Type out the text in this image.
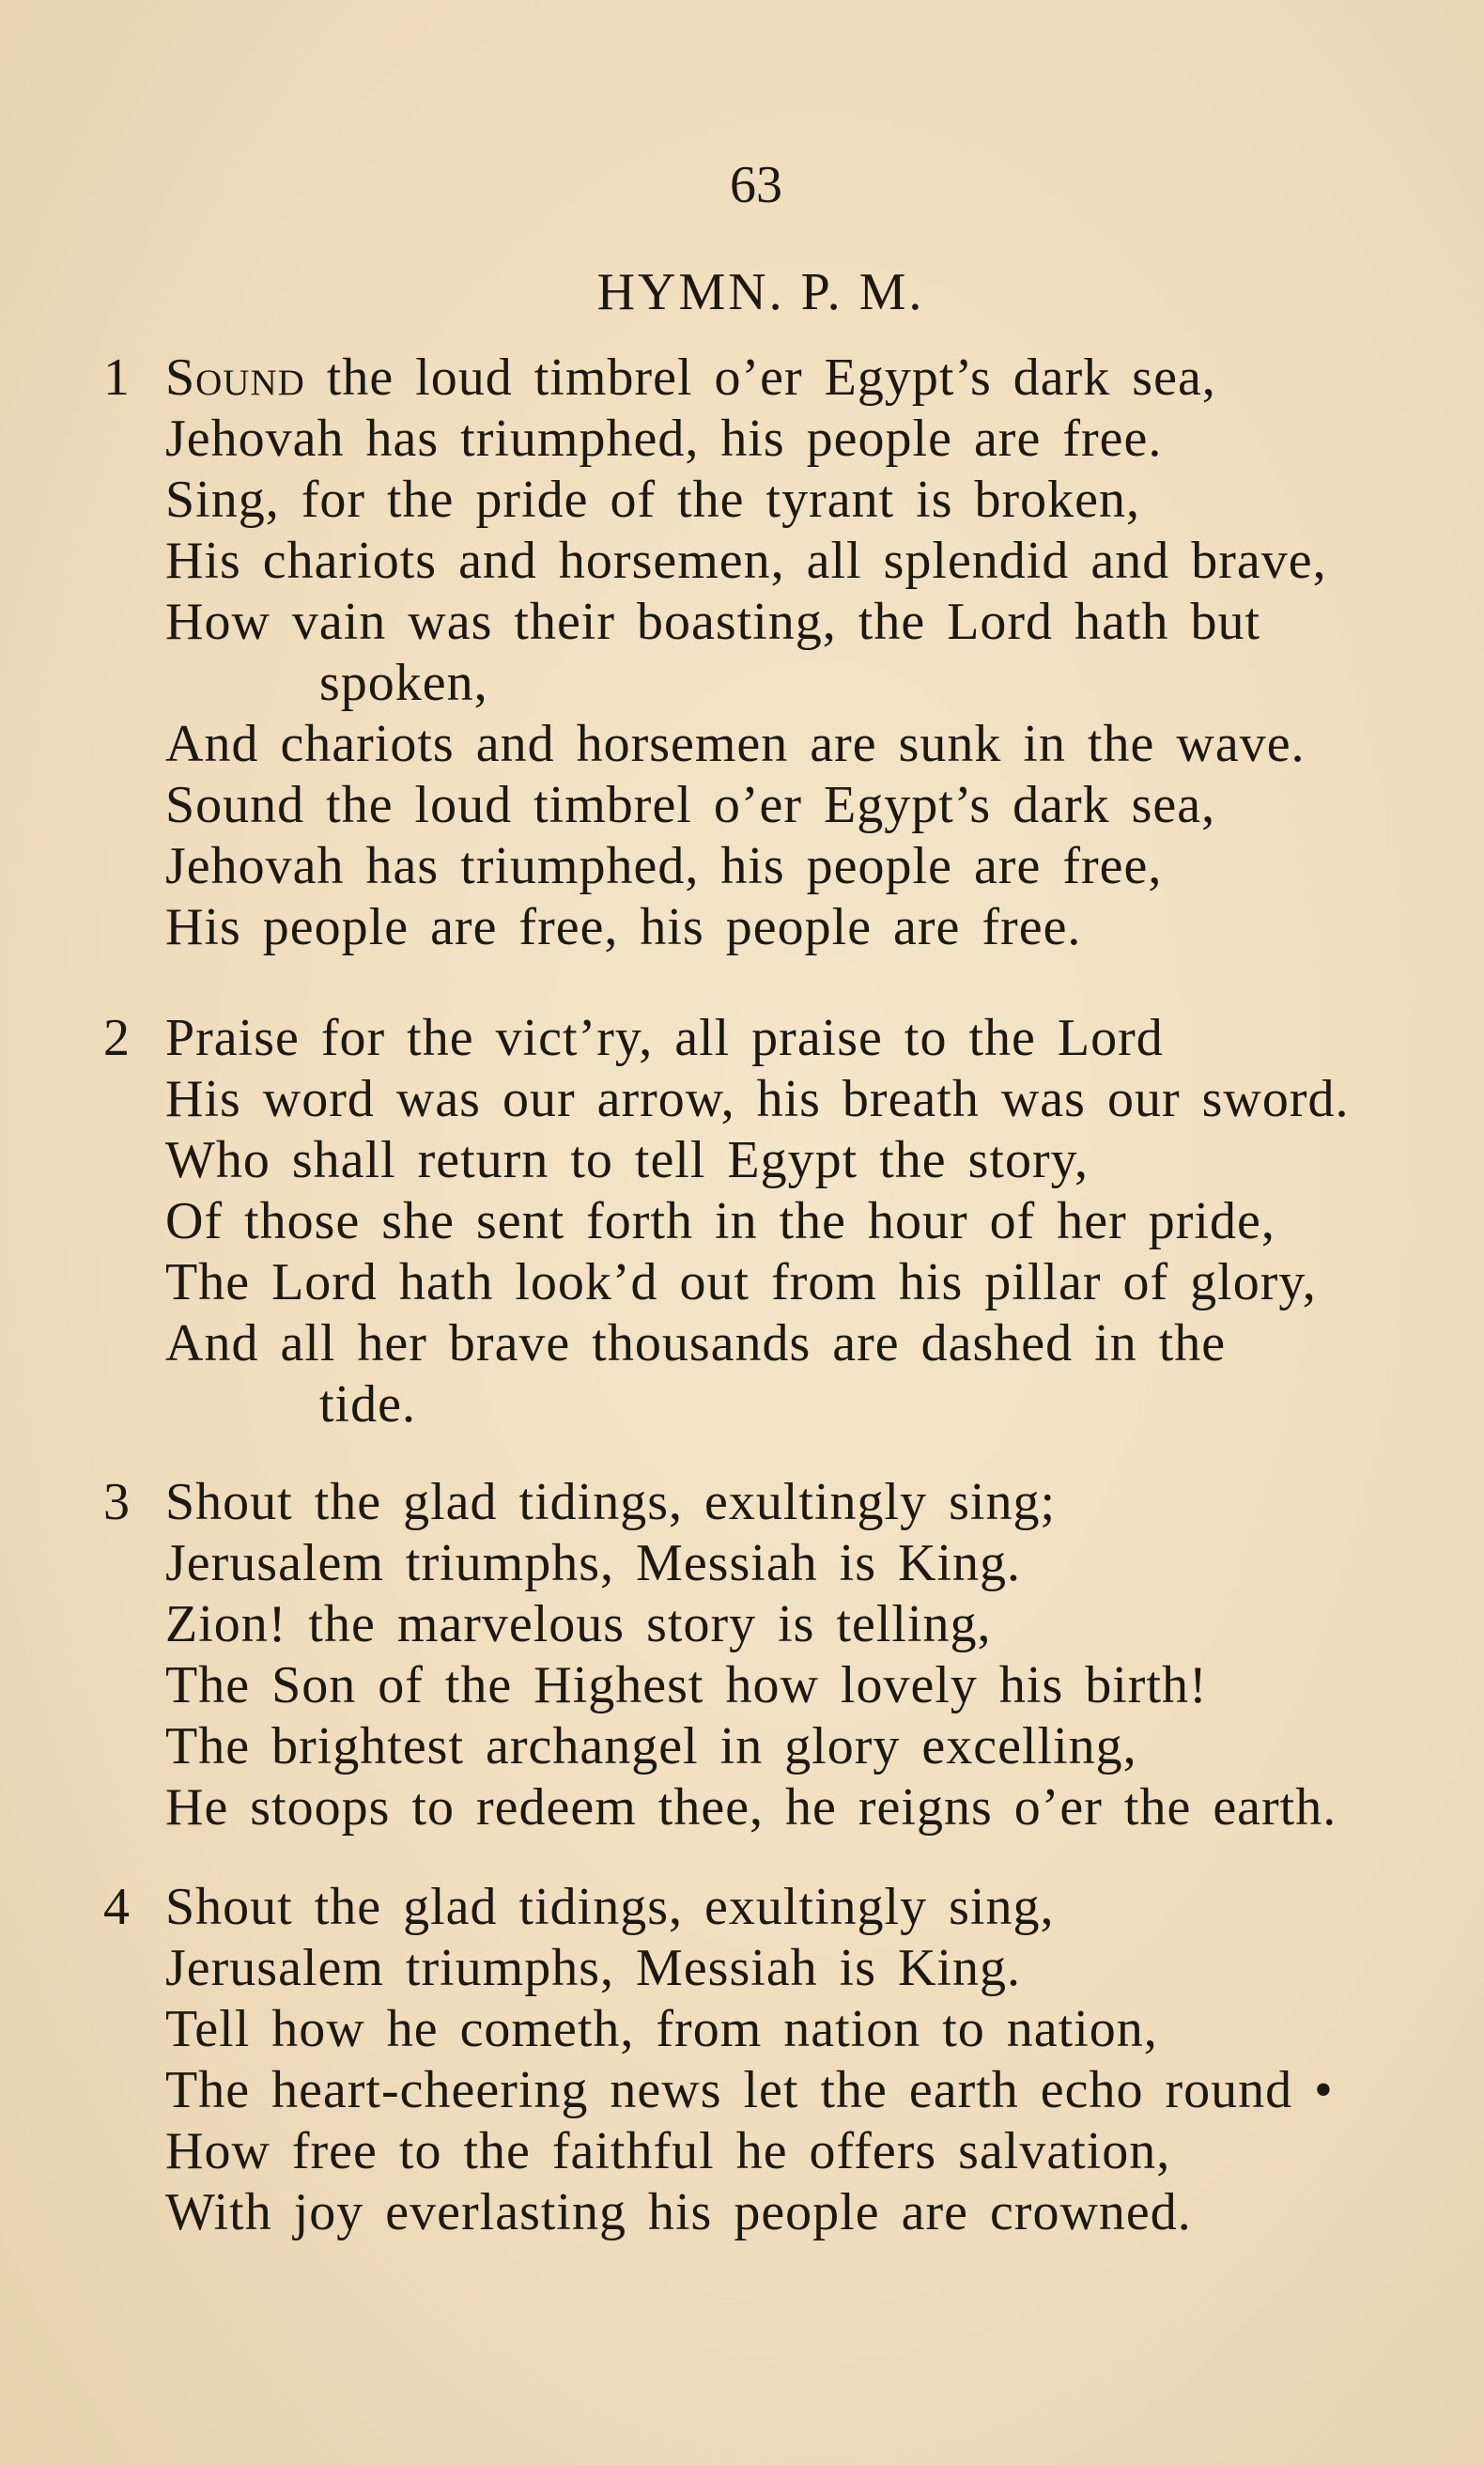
63
HYMN. P. M.
1 Sound the loud timbrel o’er Egypt’s dark sea,
Jehovah has triumphed, his people are free.
Sing, for the pride of the tyrant is broken,
His chariots and horsemen, all splendid and brave,
How vain was their boasting, the Lord hath but
spoken,
And chariots and horsemen are sunk in the wave.
Sound the loud timbrel o’er Egypt’s dark sea,
Jehovah has triumphed, his people are free,
His people are free, his people are free.
2 Praise for the vict’ry, all praise to the Lord
His word was our arrow, his breath was our sword.
Who shall return to tell Egypt the story,
Of those she sent forth in the hour of her pride,
The Lord hath look’d out from his pillar of glory,
And all her brave thousands are dashed in the
tide.
3 Shout the glad tidings, exultingly sing;
Jerusalem triumphs, Messiah is King.
Zion! the marvelous story is telling,
The Son of the Highest how lovely his birth!
The brightest archangel in glory excelling,
He stoops to redeem thee, he reigns o’er the earth.
4 Shout the glad tidings, exultingly sing,
Jerusalem triumphs, Messiah is King.
Tell how he cometh, from nation to nation,
The heart-cheering news let the earth echo round •
How free to the faithful he offers salvation,
With joy everlasting his people are crowned.
